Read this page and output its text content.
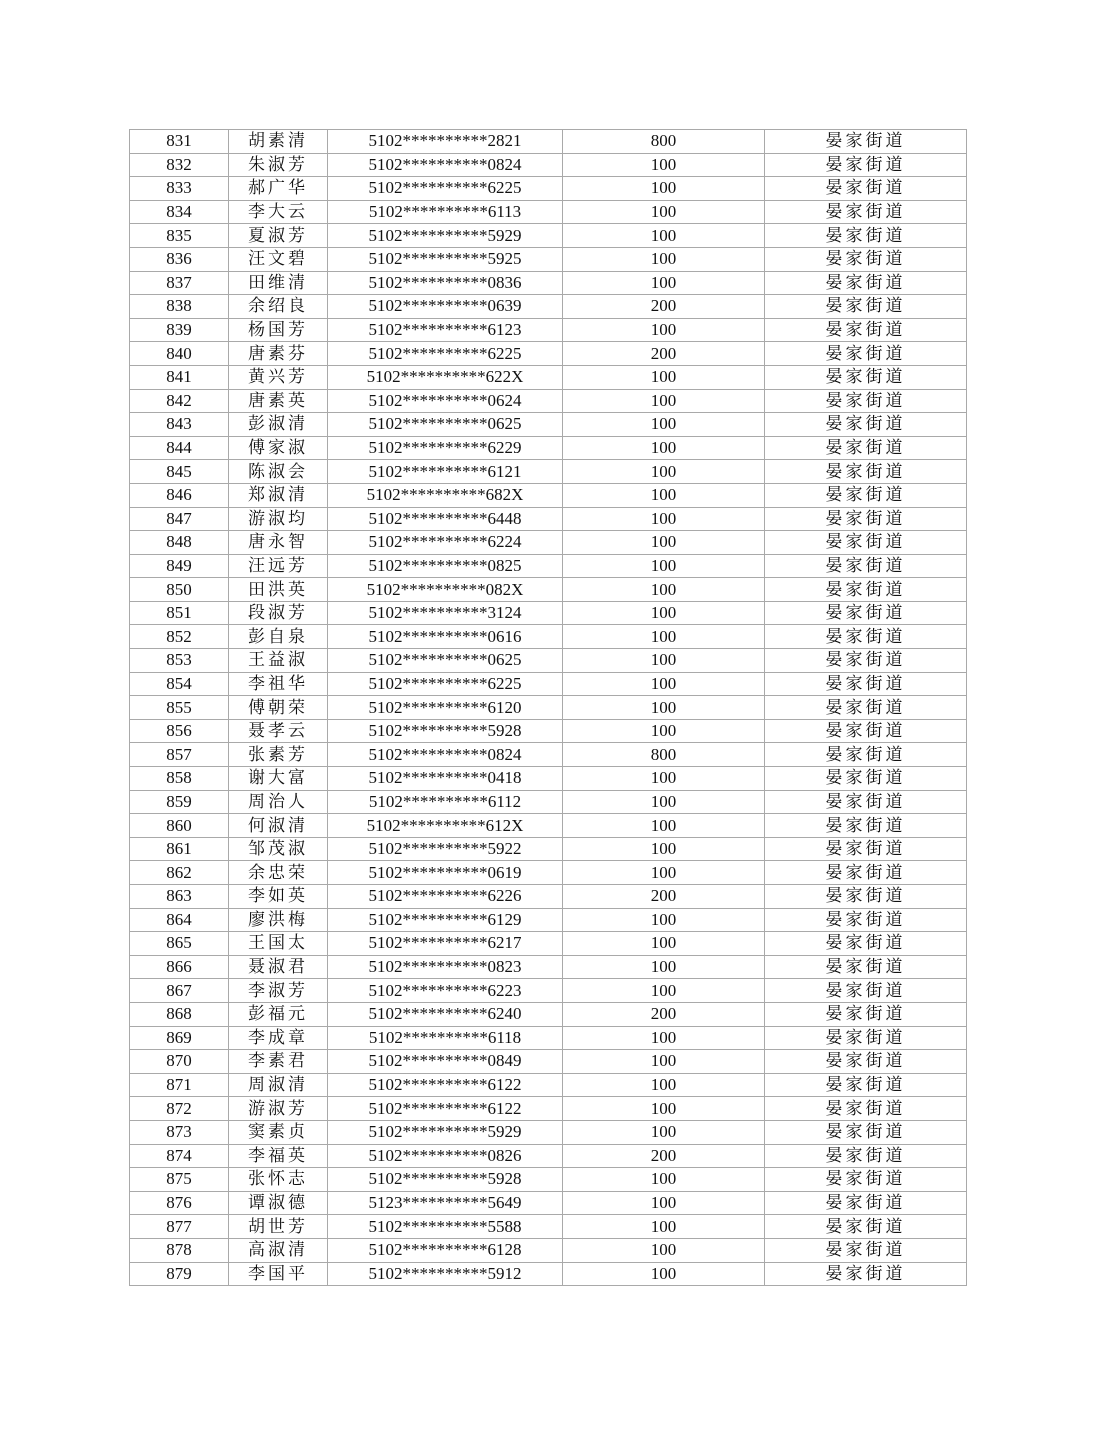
831	胡素清	5102**********2821	800	晏家街道
832	朱淑芳	5102**********0824	100	晏家街道
833	郝广华	5102**********6225	100	晏家街道
834	李大云	5102**********6113	100	晏家街道
835	夏淑芳	5102**********5929	100	晏家街道
836	汪文碧	5102**********5925	100	晏家街道
837	田维清	5102**********0836	100	晏家街道
838	余绍良	5102**********0639	200	晏家街道
839	杨国芳	5102**********6123	100	晏家街道
840	唐素芬	5102**********6225	200	晏家街道
841	黄兴芳	5102**********622X	100	晏家街道
842	唐素英	5102**********0624	100	晏家街道
843	彭淑清	5102**********0625	100	晏家街道
844	傅家淑	5102**********6229	100	晏家街道
845	陈淑会	5102**********6121	100	晏家街道
846	郑淑清	5102**********682X	100	晏家街道
847	游淑均	5102**********6448	100	晏家街道
848	唐永智	5102**********6224	100	晏家街道
849	汪远芳	5102**********0825	100	晏家街道
850	田洪英	5102**********082X	100	晏家街道
851	段淑芳	5102**********3124	100	晏家街道
852	彭自泉	5102**********0616	100	晏家街道
853	王益淑	5102**********0625	100	晏家街道
854	李祖华	5102**********6225	100	晏家街道
855	傅朝荣	5102**********6120	100	晏家街道
856	聂孝云	5102**********5928	100	晏家街道
857	张素芳	5102**********0824	800	晏家街道
858	谢大富	5102**********0418	100	晏家街道
859	周治人	5102**********6112	100	晏家街道
860	何淑清	5102**********612X	100	晏家街道
861	邹茂淑	5102**********5922	100	晏家街道
862	余忠荣	5102**********0619	100	晏家街道
863	李如英	5102**********6226	200	晏家街道
864	廖洪梅	5102**********6129	100	晏家街道
865	王国太	5102**********6217	100	晏家街道
866	聂淑君	5102**********0823	100	晏家街道
867	李淑芳	5102**********6223	100	晏家街道
868	彭福元	5102**********6240	200	晏家街道
869	李成章	5102**********6118	100	晏家街道
870	李素君	5102**********0849	100	晏家街道
871	周淑清	5102**********6122	100	晏家街道
872	游淑芳	5102**********6122	100	晏家街道
873	窦素贞	5102**********5929	100	晏家街道
874	李福英	5102**********0826	200	晏家街道
875	张怀志	5102**********5928	100	晏家街道
876	谭淑德	5123**********5649	100	晏家街道
877	胡世芳	5102**********5588	100	晏家街道
878	高淑清	5102**********6128	100	晏家街道
879	李国平	5102**********5912	100	晏家街道
